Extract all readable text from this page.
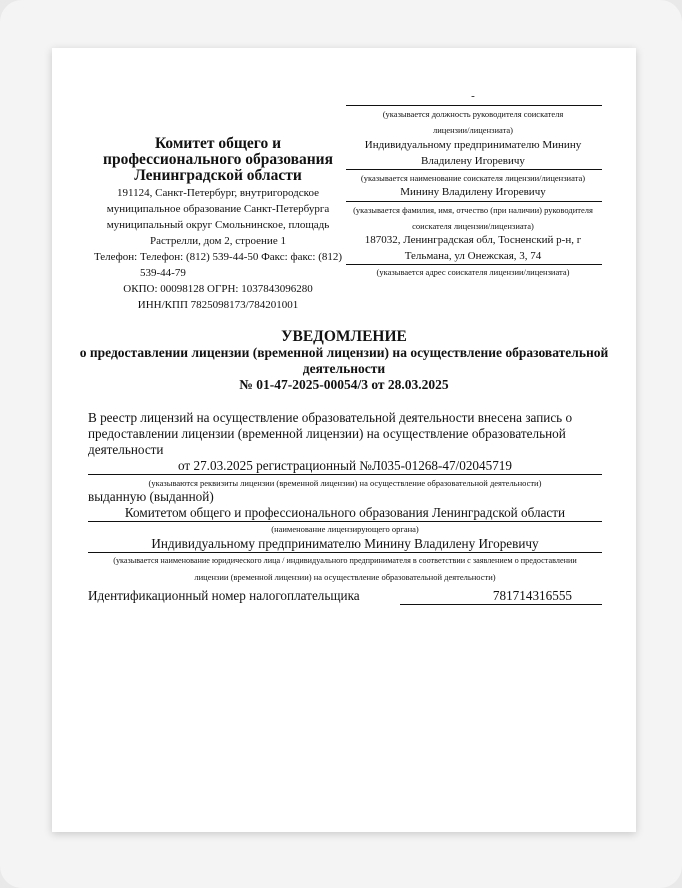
Комитет общего и
профессионального образования
Ленинградской области
191124, Санкт-Петербург, внутригородское
муниципальное образование Санкт-Петербурга
муниципальный округ Смольнинское, площадь
Растрелли, дом 2, строение 1
Телефон: Телефон: (812) 539-44-50 Факс: факс: (812)
539-44-79
ОКПО: 00098128 ОГРН: 1037843096280
ИНН/КПП 7825098173/784201001
-
(указывается должность руководителя соискателя
лицензии/лицензиата)
Индивидуальному предпринимателю Минину
Владилену Игоревичу
(указывается наименование соискателя лицензии/лицензиата)
Минину Владилену Игоревичу
(указывается фамилия, имя, отчество (при наличии) руководителя
соискателя лицензии/лицензиата)
187032, Ленинградская обл, Тосненский р-н, г
Тельмана, ул Онежская, 3, 74
(указывается адрес соискателя лицензии/лицензиата)
УВЕДОМЛЕНИЕ
о предоставлении лицензии (временной лицензии) на осуществление образовательной
деятельности
№ 01-47-2025-00054/3 от 28.03.2025
В реестр лицензий на осуществление образовательной деятельности внесена запись о
предоставлении лицензии (временной лицензии) на осуществление образовательной
деятельности
от 27.03.2025 регистрационный №Л035-01268-47/02045719
(указываются реквизиты лицензии (временной лицензии) на осуществление образовательной деятельности)
выданную (выданной)
Комитетом общего и профессионального образования Ленинградской области
(наименование лицензирующего органа)
Индивидуальному предпринимателю Минину Владилену Игоревичу
(указывается наименование юридического лица / индивидуального предпринимателя в соответствии с заявлением о предоставлении
лицензии (временной лицензии) на осуществление образовательной деятельности)
Идентификационный номер налогоплательщика	781714316555
